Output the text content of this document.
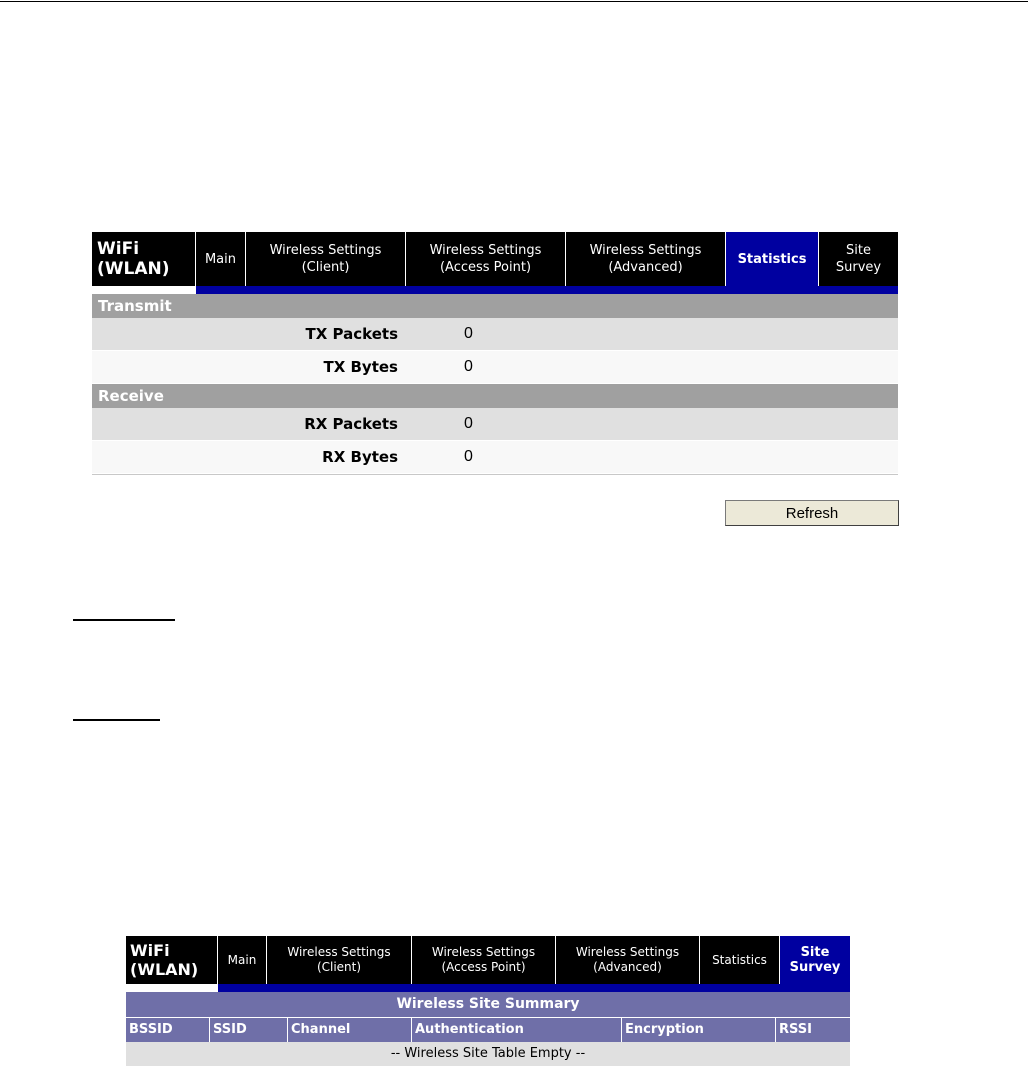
WiFi
(WLAN)	Main
Wireless Settings
(Client)
Wireless Settings
(Access Point)
Wireless Settings
(Advanced)
Statistics
Site
Survey
Transmit
TX Packets	0
TX Bytes	0
Receive
RX Packets	0
RX Bytes	0
Refresh
WiFi
(WLAN)
Main
Wireless Settings
(Client)
Wireless Settings
(Access Point)
Wireless Settings
(Advanced)
Statistics	Site
Survey
Wireless Site Summary
BSSID	SSID	Channel	Authentication	Encryption	RSSI
-- Wireless Site Table Empty --
